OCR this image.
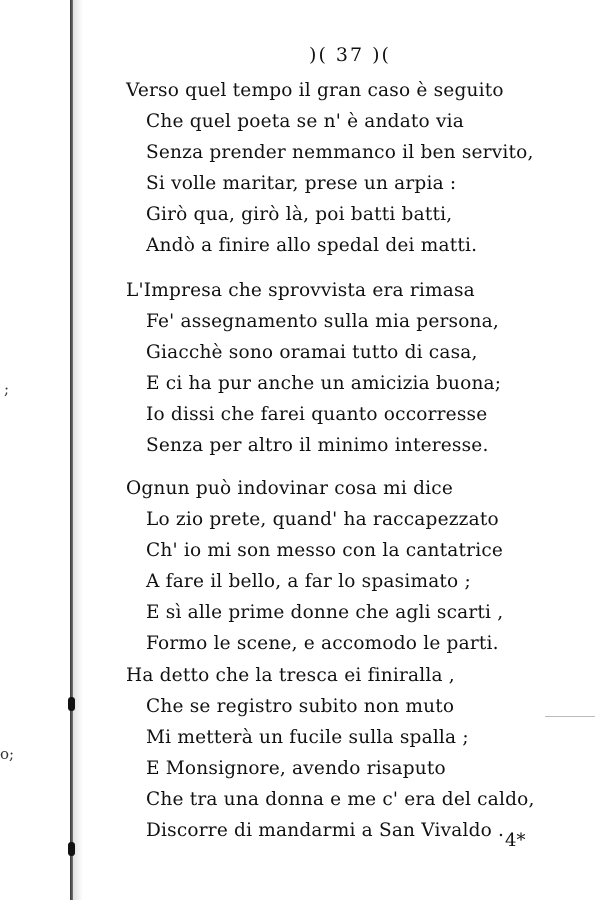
;
o;
)( 37 )(
Verso quel tempo il gran caso è seguito
Che quel poeta se n' è andato via
Senza prender nemmanco il ben servito,
Si volle maritar, prese un arpia :
Girò qua, girò là, poi batti batti,
Andò a finire allo spedal dei matti.
L'Impresa che sprovvista era rimasa
Fe' assegnamento sulla mia persona,
Giacchè sono oramai tutto di casa,
E ci ha pur anche un amicizia buona;
Io dissi che farei quanto occorresse
Senza per altro il minimo interesse.
Ognun può indovinar cosa mi dice
Lo zio prete, quand' ha raccapezzato
Ch' io mi son messo con la cantatrice
A fare il bello, a far lo spasimato ;
E sì alle prime donne che agli scarti ,
Formo le scene, e accomodo le parti.
Ha detto che la tresca ei finiralla ,
Che se registro subito non muto
Mi metterà un fucile sulla spalla ;
E Monsignore, avendo risaputo
Che tra una donna e me c' era del caldo,
Discorre di mandarmi a San Vivaldo . 4*
